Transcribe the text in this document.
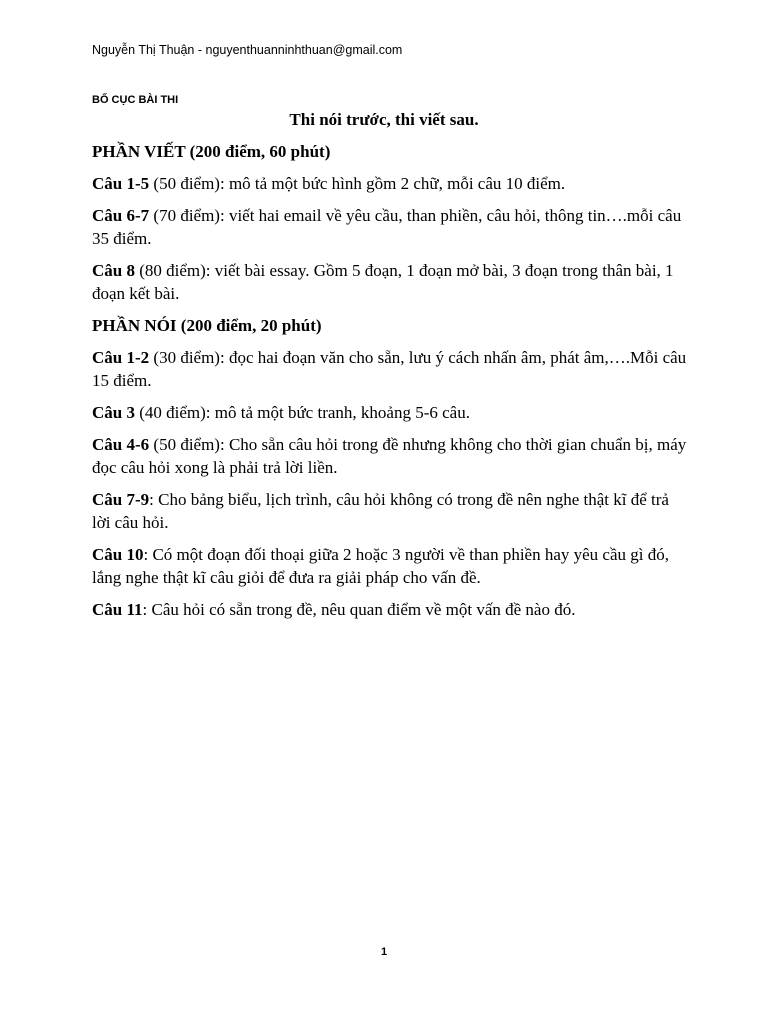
Nguyễn Thị Thuận - nguyenthuanninhthuan@gmail.com
BỐ CỤC BÀI THI
Thi nói trước, thi viết sau.

PHẦN VIẾT (200 điểm, 60 phút)

Câu 1-5 (50 điểm): mô tả một bức hình gồm 2 chữ, mỗi câu 10 điểm.

Câu 6-7 (70 điểm): viết hai email về yêu cầu, than phiền, câu hỏi, thông tin….mỗi câu 35 điểm.

Câu 8 (80 điểm): viết bài essay. Gồm 5 đoạn, 1 đoạn mở bài, 3 đoạn trong thân bài, 1 đoạn kết bài.

PHẦN NÓI (200 điểm, 20 phút)

Câu 1-2 (30 điểm): đọc hai đoạn văn cho sẵn, lưu ý cách nhấn âm, phát âm,….Mỗi câu 15 điểm.

Câu 3 (40 điểm): mô tả một bức tranh, khoảng 5-6 câu.

Câu 4-6 (50 điểm): Cho sẵn câu hỏi trong đề nhưng không cho thời gian chuẩn bị, máy đọc câu hỏi xong là phải trả lời liền.

Câu 7-9: Cho bảng biểu, lịch trình, câu hỏi không có trong đề nên nghe thật kĩ để trả lời câu hỏi.

Câu 10: Có một đoạn đối thoại giữa 2 hoặc 3 người về than phiền hay yêu cầu gì đó, lắng nghe thật kĩ câu giỏi để đưa ra giải pháp cho vấn đề.

Câu 11: Câu hỏi có sẵn trong đề, nêu quan điểm về một vấn đề nào đó.

1
